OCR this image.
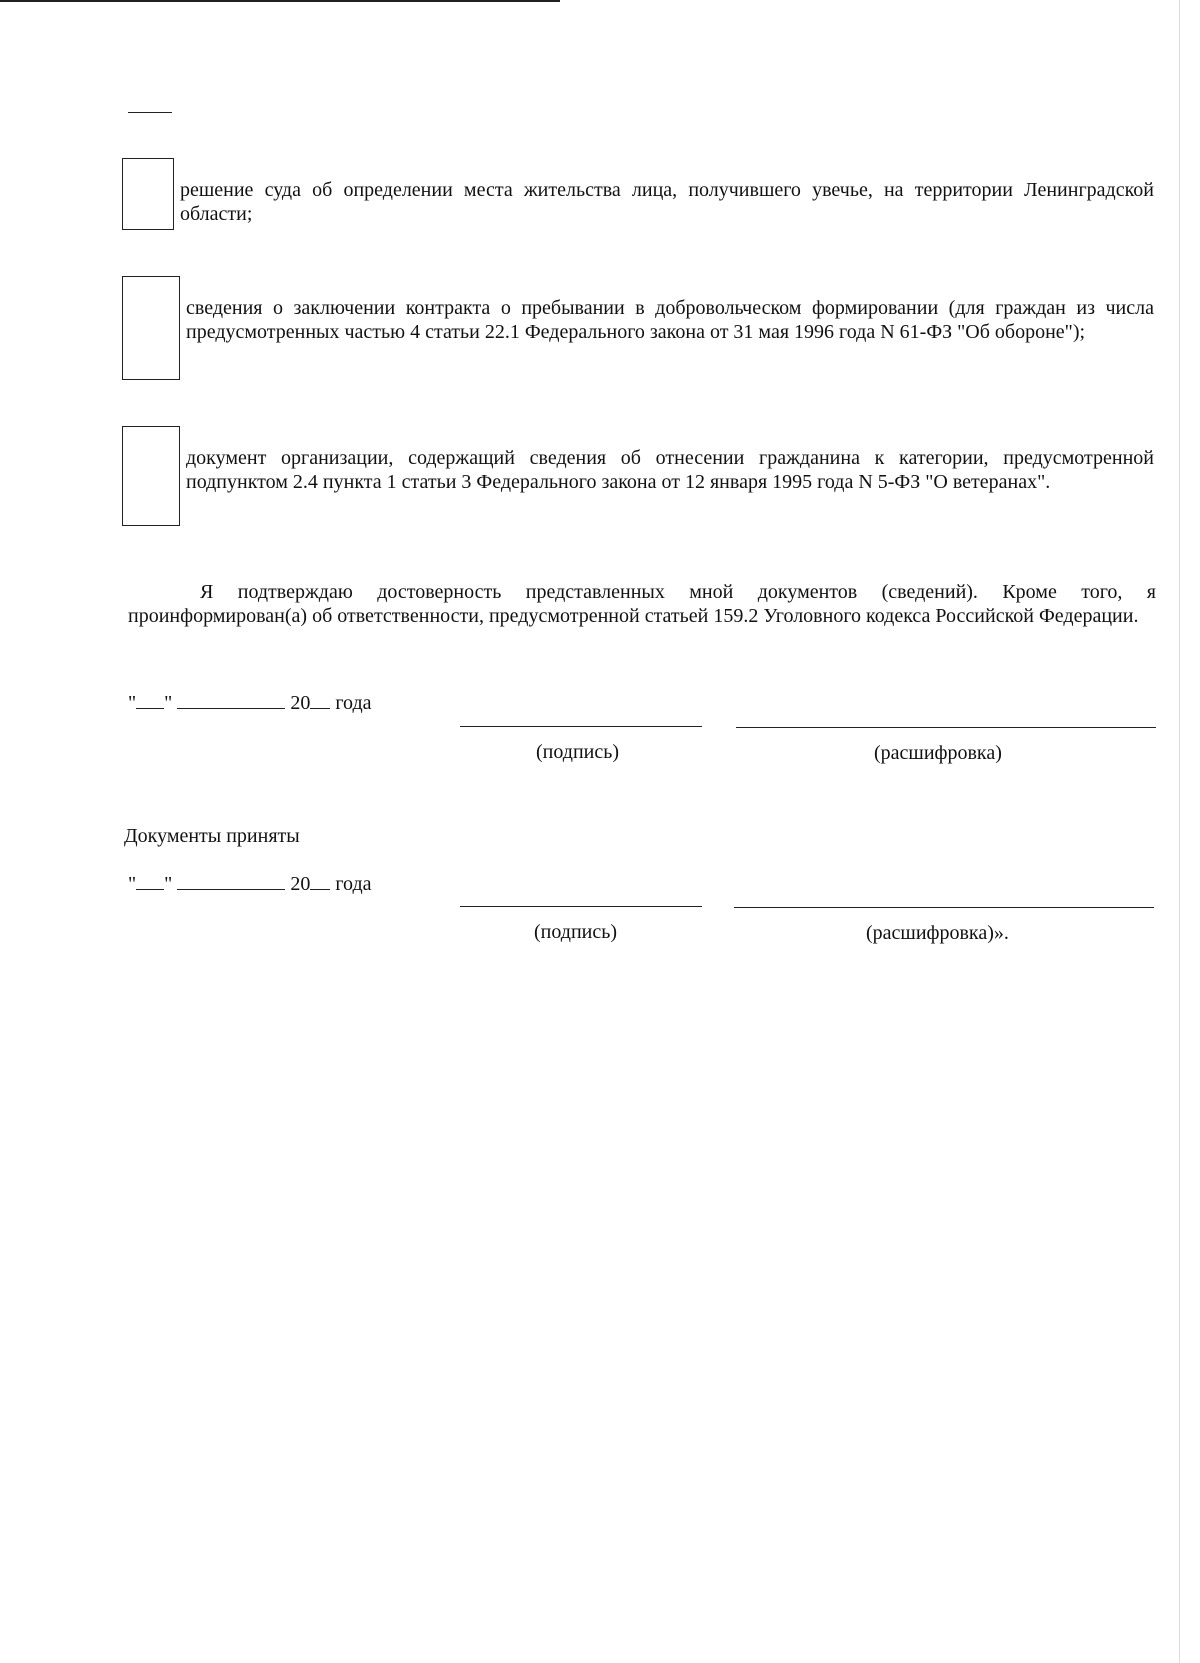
решение суда об определении места жительства лица, получившего увечье, на территории Ленинградской области;
сведения о заключении контракта о пребывании в добровольческом формировании (для граждан из числа предусмотренных частью 4 статьи 22.1 Федерального закона от 31 мая 1996 года N 61-ФЗ "Об обороне");
документ организации, содержащий сведения об отнесении гражданина к категории, предусмотренной подпунктом 2.4 пункта 1 статьи 3 Федерального закона от 12 января 1995 года N 5-ФЗ "О ветеранах".
Я подтверждаю достоверность представленных мной документов (сведений). Кроме того, я проинформирован(а) об ответственности, предусмотренной статьей 159.2 Уголовного кодекса Российской Федерации.
" "	20 года
(подпись)	(расшифровка)
Документы приняты
" "	20 года
(подпись)	(расшифровка)».
